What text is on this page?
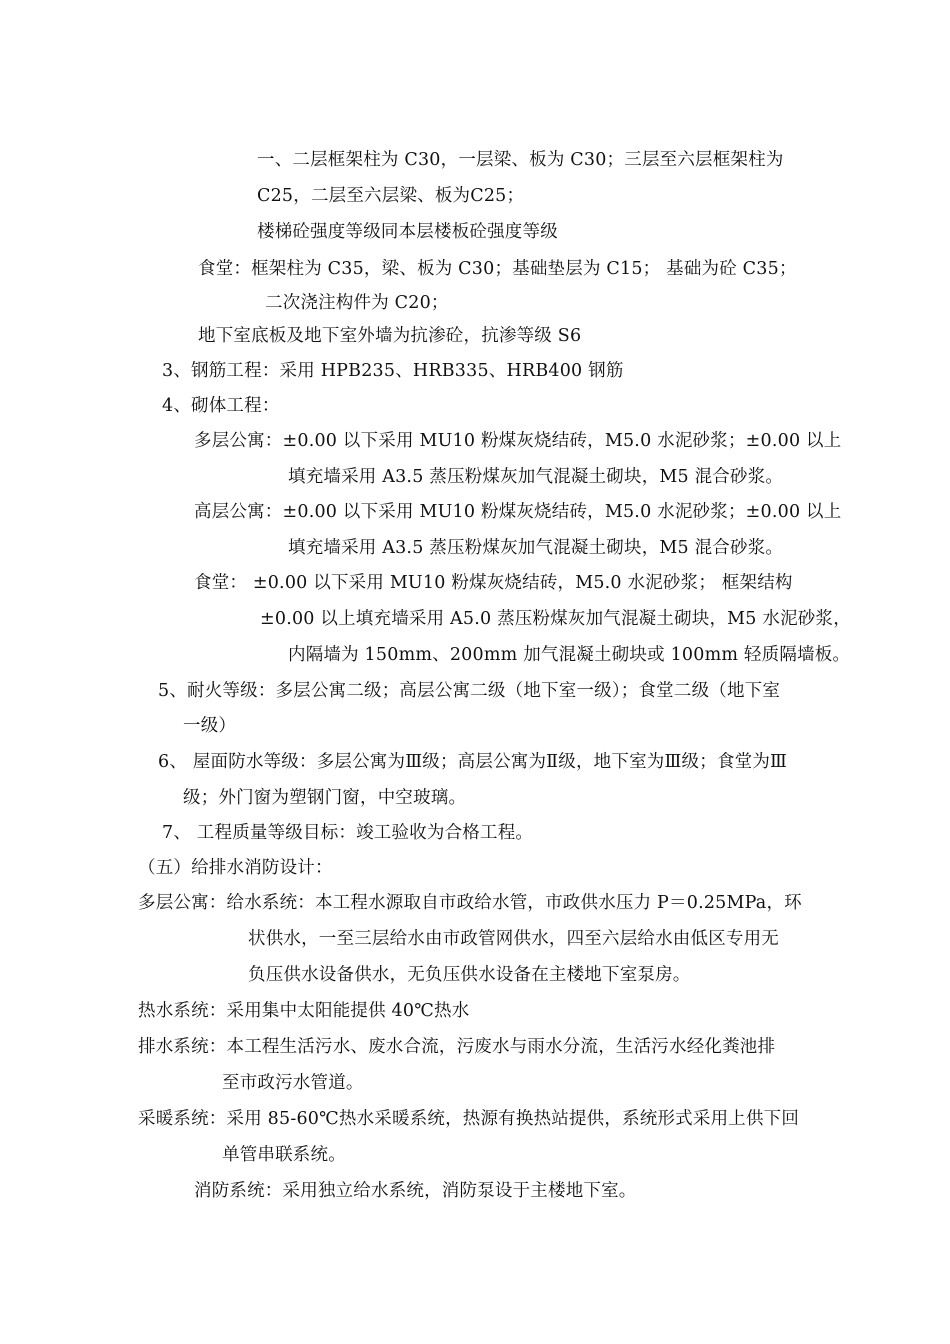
一、二层框架柱为 C30，一层梁、板为 C30；三层至六层框架柱为
C25，二层至六层梁、板为C25；
楼梯砼强度等级同本层楼板砼强度等级
食堂：框架柱为 C35，梁、板为 C30；基础垫层为 C15； 基础为砼 C35；
二次浇注构件为 C20；
地下室底板及地下室外墙为抗渗砼，抗渗等级 S6
3、钢筋工程：采用 HPB235、HRB335、HRB400 钢筋
4、砌体工程：
多层公寓：±0.00 以下采用 MU10 粉煤灰烧结砖，M5.0 水泥砂浆；±0.00 以上
填充墙采用 A3.5 蒸压粉煤灰加气混凝土砌块，M5 混合砂浆。
高层公寓：±0.00 以下采用 MU10 粉煤灰烧结砖，M5.0 水泥砂浆；±0.00 以上
填充墙采用 A3.5 蒸压粉煤灰加气混凝土砌块，M5 混合砂浆。
食堂： ±0.00 以下采用 MU10 粉煤灰烧结砖，M5.0 水泥砂浆； 框架结构
±0.00 以上填充墙采用 A5.0 蒸压粉煤灰加气混凝土砌块，M5 水泥砂浆，
内隔墙为 150mm、200mm 加气混凝土砌块或 100mm 轻质隔墙板。
5、耐火等级：多层公寓二级；高层公寓二级（地下室一级）；食堂二级（地下室
一级）
6、 屋面防水等级：多层公寓为Ⅲ级；高层公寓为Ⅱ级，地下室为Ⅲ级；食堂为Ⅲ
级；外门窗为塑钢门窗，中空玻璃。
7、 工程质量等级目标：竣工验收为合格工程。
（五）给排水消防设计：
多层公寓：给水系统：本工程水源取自市政给水管，市政供水压力 P＝0.25MPa，环
状供水，一至三层给水由市政管网供水，四至六层给水由低区专用无
负压供水设备供水，无负压供水设备在主楼地下室泵房。
热水系统：采用集中太阳能提供 40℃热水
排水系统：本工程生活污水、废水合流，污废水与雨水分流，生活污水经化粪池排
至市政污水管道。
采暖系统：采用 85-60℃热水采暖系统，热源有换热站提供，系统形式采用上供下回
单管串联系统。
消防系统：采用独立给水系统，消防泵设于主楼地下室。
